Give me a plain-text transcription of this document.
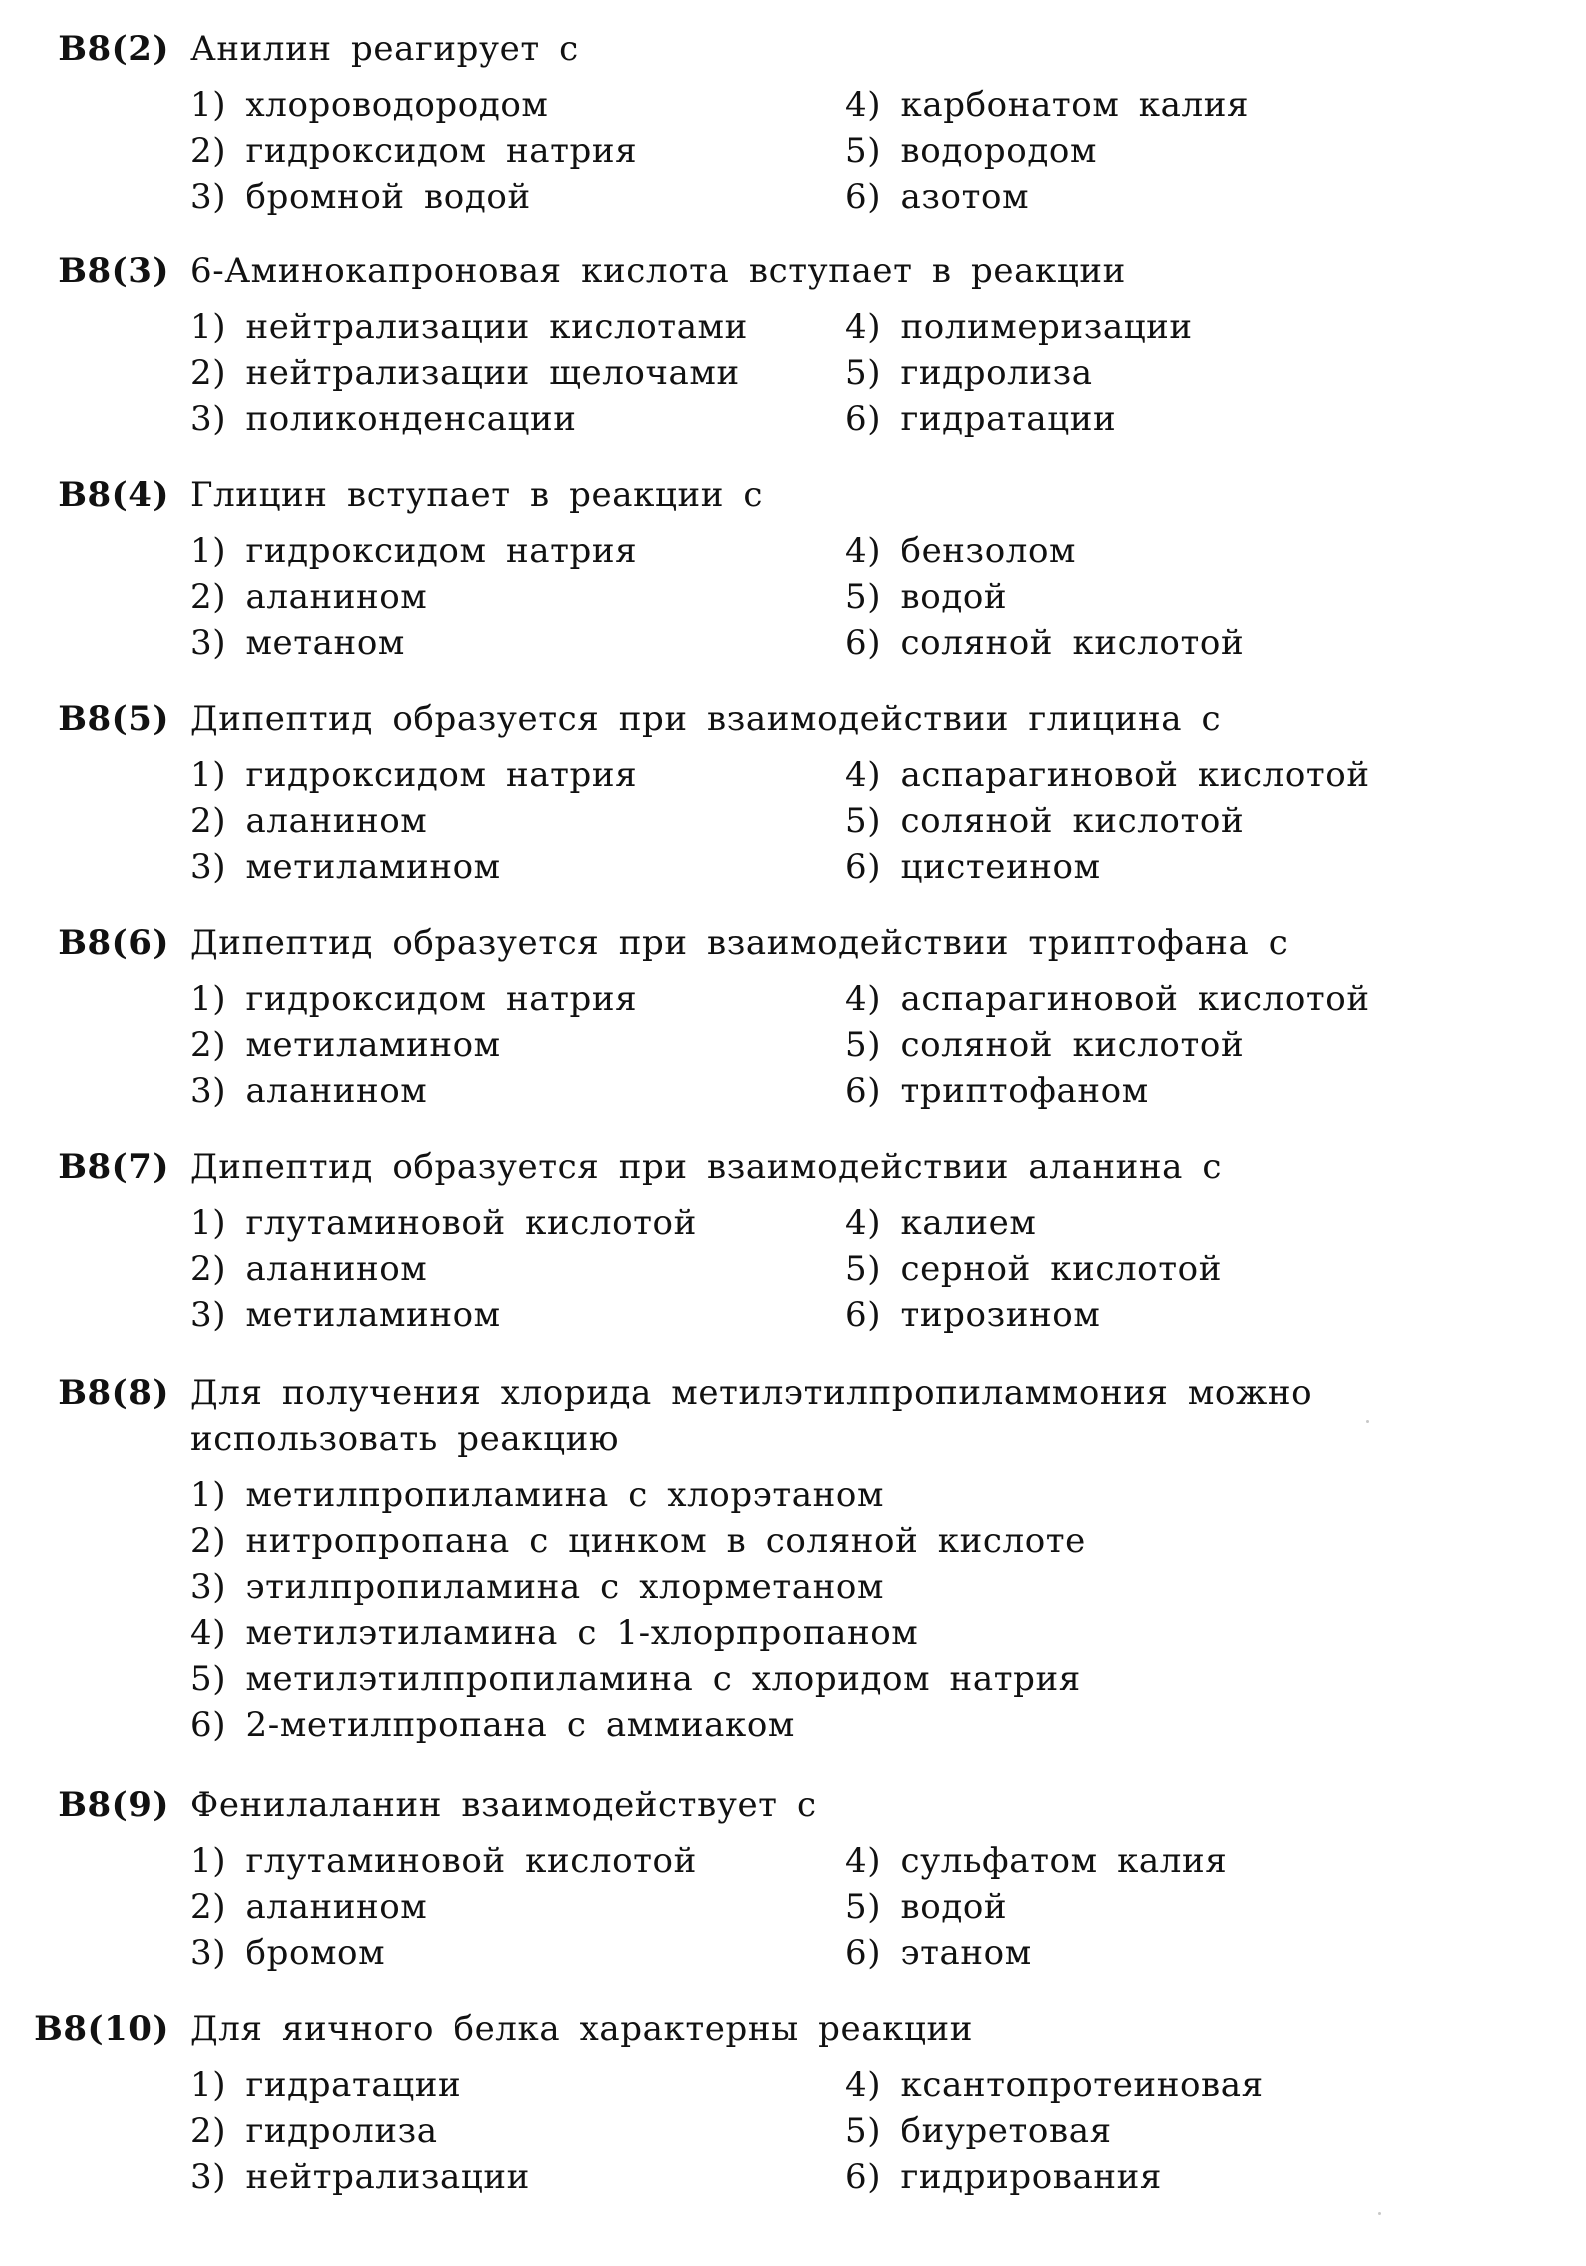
B8(2) Анилин реагирует с
1) хлороводородом
2) гидроксидом натрия
3) бромной водой
4) карбонатом калия
5) водородом
6) азотом
B8(3) 6-Аминокапроновая кислота вступает в реакции
1) нейтрализации кислотами
2) нейтрализации щелочами
3) поликонденсации
4) полимеризации
5) гидролиза
6) гидратации
B8(4) Глицин вступает в реакции с
1) гидроксидом натрия
2) аланином
3) метаном
4) бензолом
5) водой
6) соляной кислотой
B8(5) Дипептид образуется при взаимодействии глицина с
1) гидроксидом натрия
2) аланином
3) метиламином
4) аспарагиновой кислотой
5) соляной кислотой
6) цистеином
B8(6) Дипептид образуется при взаимодействии триптофана с
1) гидроксидом натрия
2) метиламином
3) аланином
4) аспарагиновой кислотой
5) соляной кислотой
6) триптофаном
B8(7) Дипептид образуется при взаимодействии аланина с
1) глутаминовой кислотой
2) аланином
3) метиламином
4) калием
5) серной кислотой
6) тирозином
B8(8) Для получения хлорида метилэтилпропиламмония можно использовать реакцию
1) метилпропиламина с хлорэтаном
2) нитропропана с цинком в соляной кислоте
3) этилпропиламина с хлорметаном
4) метилэтиламина с 1-хлорпропаном
5) метилэтилпропиламина с хлоридом натрия
6) 2-метилпропана с аммиаком
B8(9) Фенилаланин взаимодействует с
1) глутаминовой кислотой
2) аланином
3) бромом
4) сульфатом калия
5) водой
6) этаном
B8(10) Для яичного белка характерны реакции
1) гидратации
2) гидролиза
3) нейтрализации
4) ксантопротеиновая
5) биуретовая
6) гидрирования
